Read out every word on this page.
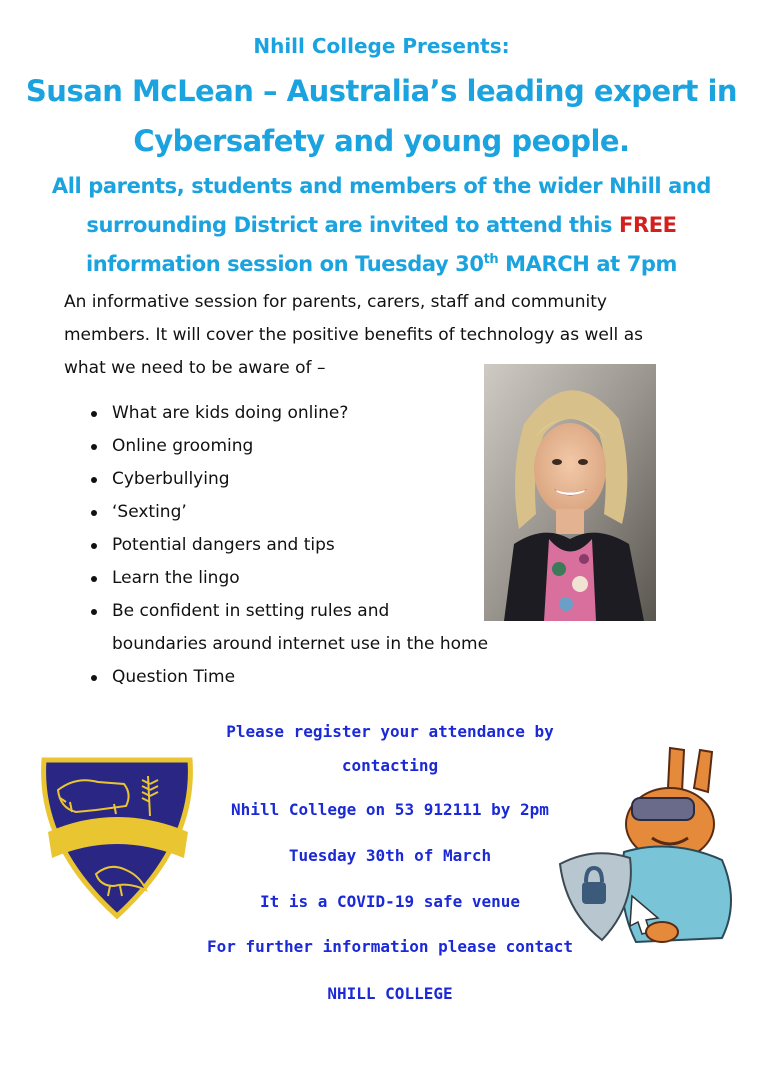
Nhill College Presents:
Susan McLean – Australia’s leading expert in
Cybersafety and young people.
All parents, students and members of the wider Nhill and
surrounding District are invited to attend this FREE
information session on Tuesday 30th MARCH at 7pm
An informative session for parents, carers, staff and community
members. It will cover the positive benefits of technology as well as
what we need to be aware of –
What are kids doing online?
Online grooming
Cyberbullying
‘Sexting’
Potential dangers and tips
Learn the lingo
Be confident in setting rules and
boundaries around internet use in the home
Question Time
Please register your attendance by
contacting
Nhill College on 53 912111 by 2pm
Tuesday 30th of March
It is a COVID-19 safe venue
For further information please contact
NHILL COLLEGE
